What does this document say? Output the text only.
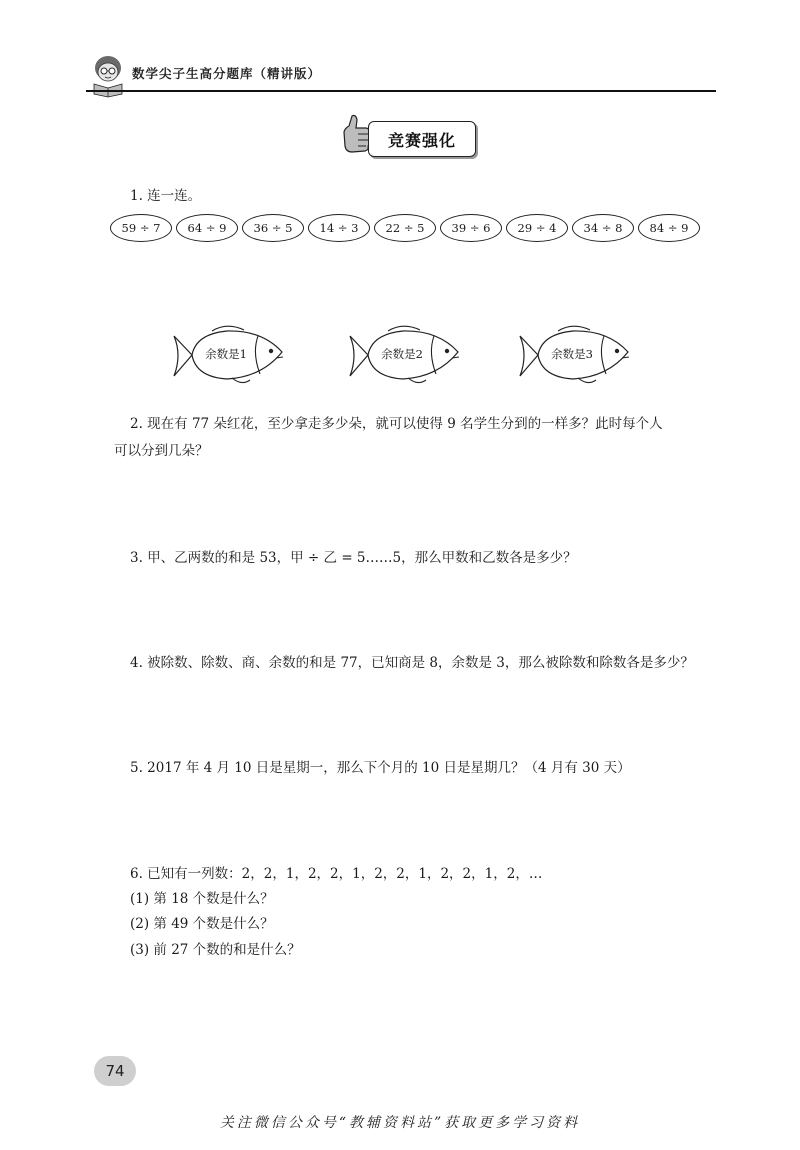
数学尖子生高分题库（精讲版）
竞赛强化
1. 连一连。
59 ÷ 7	64 ÷ 9	36 ÷ 5	14 ÷ 3	22 ÷ 5	39 ÷ 6	29 ÷ 4	34 ÷ 8	84 ÷ 9
余数是1	余数是2	余数是3
2. 现在有 77 朵红花，至少拿走多少朵，就可以使得 9 名学生分到的一样多？此时每个人
可以分到几朵？
3. 甲、乙两数的和是 53，甲 ÷ 乙 = 5……5，那么甲数和乙数各是多少？
4. 被除数、除数、商、余数的和是 77，已知商是 8，余数是 3，那么被除数和除数各是多少？
5. 2017 年 4 月 10 日是星期一，那么下个月的 10 日是星期几？（4 月有 30 天）
6. 已知有一列数：2，2，1，2，2，1，2，2，1，2，2，1，2，…
(1) 第 18 个数是什么？
(2) 第 49 个数是什么？
(3) 前 27 个数的和是什么？
74
关注微信公众号“教辅资料站”获取更多学习资料
